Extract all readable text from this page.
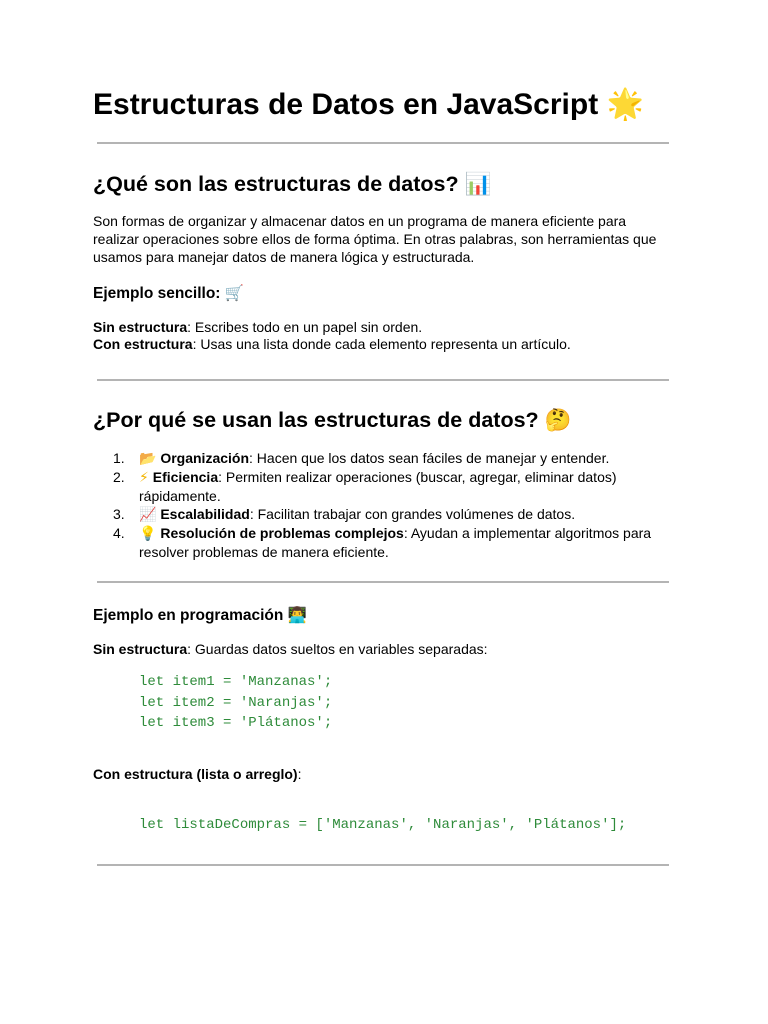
Estructuras de Datos en JavaScript 🌟
¿Qué son las estructuras de datos? 📊

Son formas de organizar y almacenar datos en un programa de manera eficiente para realizar operaciones sobre ellos de forma óptima. En otras palabras, son herramientas que usamos para manejar datos de manera lógica y estructurada.

Ejemplo sencillo: 🛒
Sin estructura: Escribes todo en un papel sin orden.
Con estructura: Usas una lista donde cada elemento representa un artículo.
¿Por qué se usan las estructuras de datos? 🤔
1. 📂 Organización: Hacen que los datos sean fáciles de manejar y entender.
2. ⚡ Eficiencia: Permiten realizar operaciones (buscar, agregar, eliminar datos) rápidamente.
3. 📈 Escalabilidad: Facilitan trabajar con grandes volúmenes de datos.
4. 💡 Resolución de problemas complejos: Ayudan a implementar algoritmos para resolver problemas de manera eficiente.
Ejemplo en programación 👨‍💻
Sin estructura: Guardas datos sueltos en variables separadas:
let item1 = 'Manzanas';
let item2 = 'Naranjas';
let item3 = 'Plátanos';
Con estructura (lista o arreglo):
let listaDeCompras = ['Manzanas', 'Naranjas', 'Plátanos'];
